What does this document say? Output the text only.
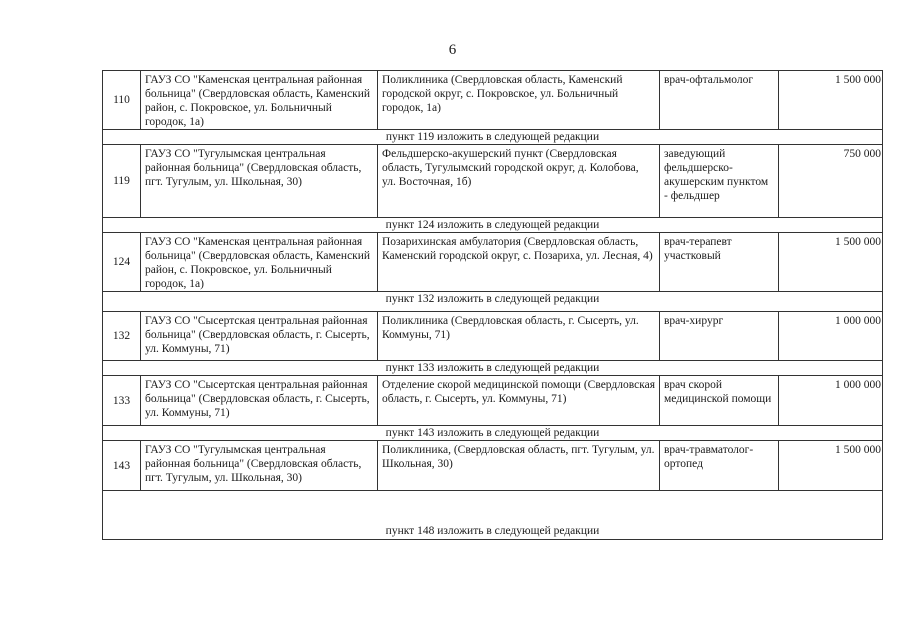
6
110	ГАУЗ СО "Каменская центральная районная больница" (Свердловская область, Каменский район, с. Покровское, ул. Больничный городок, 1а)	Поликлиника (Свердловская область, Каменский городской округ, с. Покровское, ул. Больничный городок, 1а)	врач-офтальмолог	1 500 000
пункт 119 изложить в следующей редакции				
119	ГАУЗ СО "Тугулымская центральная районная больница" (Свердловская область, пгт. Тугулым, ул. Школьная, 30)	Фельдшерско-акушерский пункт (Свердловская область, Тугулымский городской округ, д. Колобова, ул. Восточная, 1б)	заведующий фельдшерско-акушерским пунктом - фельдшер	750 000
пункт 124 изложить в следующей редакции				
124	ГАУЗ СО "Каменская центральная районная больница" (Свердловская область, Каменский район, с. Покровское, ул. Больничный городок, 1а)	Позарихинская амбулатория (Свердловская область, Каменский городской округ, с. Позариха, ул. Лесная, 4)	врач-терапевт участковый	1 500 000
пункт 132 изложить в следующей редакции				
132	ГАУЗ СО "Сысертская центральная районная больница" (Свердловская область, г. Сысерть, ул. Коммуны, 71)	Поликлиника (Свердловская область, г. Сысерть, ул. Коммуны, 71)	врач-хирург	1 000 000
пункт 133 изложить в следующей редакции				
133	ГАУЗ СО "Сысертская центральная районная больница" (Свердловская область, г. Сысерть, ул. Коммуны, 71)	Отделение скорой медицинской помощи (Свердловская область, г. Сысерть, ул. Коммуны, 71)	врач скорой медицинской помощи	1 000 000
пункт 143 изложить в следующей редакции				
143	ГАУЗ СО "Тугулымская центральная районная больница" (Свердловская область, пгт. Тугулым, ул. Школьная, 30)	Поликлиника, (Свердловская область, пгт. Тугулым, ул. Школьная, 30)	врач-травматолог-ортопед	1 500 000
пункт 148 изложить в следующей редакции				
